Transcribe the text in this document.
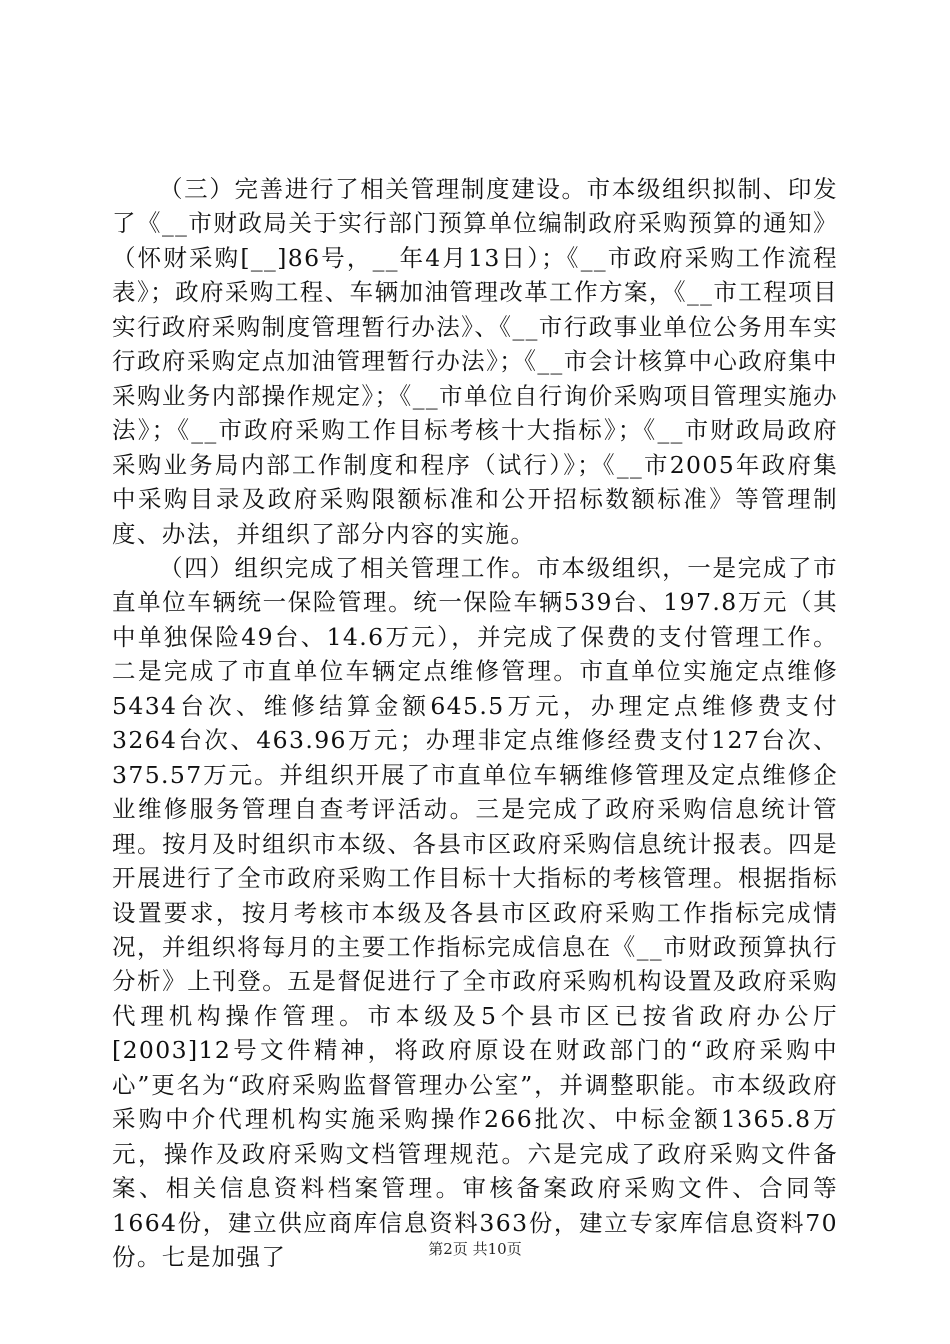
（三）完善进行了相关管理制度建设。市本级组织拟制、印发了《__市财政局关于实行部门预算单位编制政府采购预算的通知》（怀财采购[__]86号，__年4月13日）；《__市政府采购工作流程表》；政府采购工程、车辆加油管理改革工作方案，《__市工程项目实行政府采购制度管理暂行办法》、《__市行政事业单位公务用车实行政府采购定点加油管理暂行办法》；《__市会计核算中心政府集中采购业务内部操作规定》；《__市单位自行询价采购项目管理实施办法》；《__市政府采购工作目标考核十大指标》；《__市财政局政府采购业务局内部工作制度和程序（试行）》；《__市2005年政府集中采购目录及政府采购限额标准和公开招标数额标准》等管理制度、办法，并组织了部分内容的实施。

（四）组织完成了相关管理工作。市本级组织，一是完成了市直单位车辆统一保险管理。统一保险车辆539台、197.8万元（其中单独保险49台、14.6万元），并完成了保费的支付管理工作。二是完成了市直单位车辆定点维修管理。市直单位实施定点维修5434台次、维修结算金额645.5万元，办理定点维修费支付3264台次、463.96万元；办理非定点维修经费支付127台次、375.57万元。并组织开展了市直单位车辆维修管理及定点维修企业维修服务管理自查考评活动。三是完成了政府采购信息统计管理。按月及时组织市本级、各县市区政府采购信息统计报表。四是开展进行了全市政府采购工作目标十大指标的考核管理。根据指标设置要求，按月考核市本级及各县市区政府采购工作指标完成情况，并组织将每月的主要工作指标完成信息在《__市财政预算执行分析》上刊登。五是督促进行了全市政府采购机构设置及政府采购代理机构操作管理。市本级及5个县市区已按省政府办公厅[2003]12号文件精神，将政府原设在财政部门的“政府采购中心”更名为“政府采购监督管理办公室”，并调整职能。市本级政府采购中介代理机构实施采购操作266批次、中标金额1365.8万元，操作及政府采购文档管理规范。六是完成了政府采购文件备案、相关信息资料档案管理。审核备案政府采购文件、合同等1664份，建立供应商库信息资料363份，建立专家库信息资料70份。七是加强了	第2页 共10页
